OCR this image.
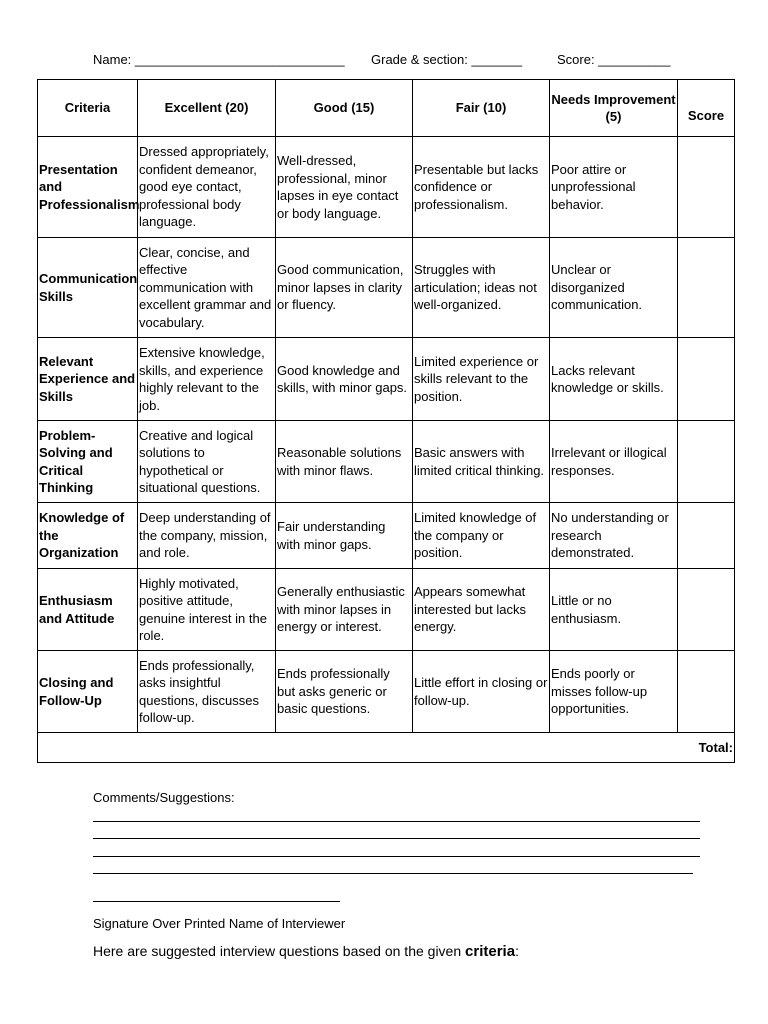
Name: _____________________________ Grade & section: _______	Score: __________
Criteria	Excellent (20)	Good (15)	Fair (10)	Needs Improvement (5)	Score
Presentation and Professionalism	Dressed appropriately, confident demeanor, good eye contact, professional body language.	Well-dressed, professional, minor lapses in eye contact or body language.	Presentable but lacks confidence or professionalism.	Poor attire or unprofessional behavior.	
Communication Skills	Clear, concise, and effective communication with excellent grammar and vocabulary.	Good communication, minor lapses in clarity or fluency.	Struggles with articulation; ideas not well-organized.	Unclear or disorganized communication.	
Relevant Experience and Skills	Extensive knowledge, skills, and experience highly relevant to the job.	Good knowledge and skills, with minor gaps.	Limited experience or skills relevant to the position.	Lacks relevant knowledge or skills.	
Problem-Solving and Critical Thinking	Creative and logical solutions to hypothetical or situational questions.	Reasonable solutions with minor flaws.	Basic answers with limited critical thinking.	Irrelevant or illogical responses.	
Knowledge of the Organization	Deep understanding of the company, mission, and role.	Fair understanding with minor gaps.	Limited knowledge of the company or position.	No understanding or research demonstrated.	
Enthusiasm and Attitude	Highly motivated, positive attitude, genuine interest in the role.	Generally enthusiastic with minor lapses in energy or interest.	Appears somewhat interested but lacks energy.	Little or no enthusiasm.	
Closing and Follow-Up	Ends professionally, asks insightful questions, discusses follow-up.	Ends professionally but asks generic or basic questions.	Little effort in closing or follow-up.	Ends poorly or misses follow-up opportunities.	
Total:					
Comments/Suggestions:
Signature Over Printed Name of Interviewer
Here are suggested interview questions based on the given criteria:
